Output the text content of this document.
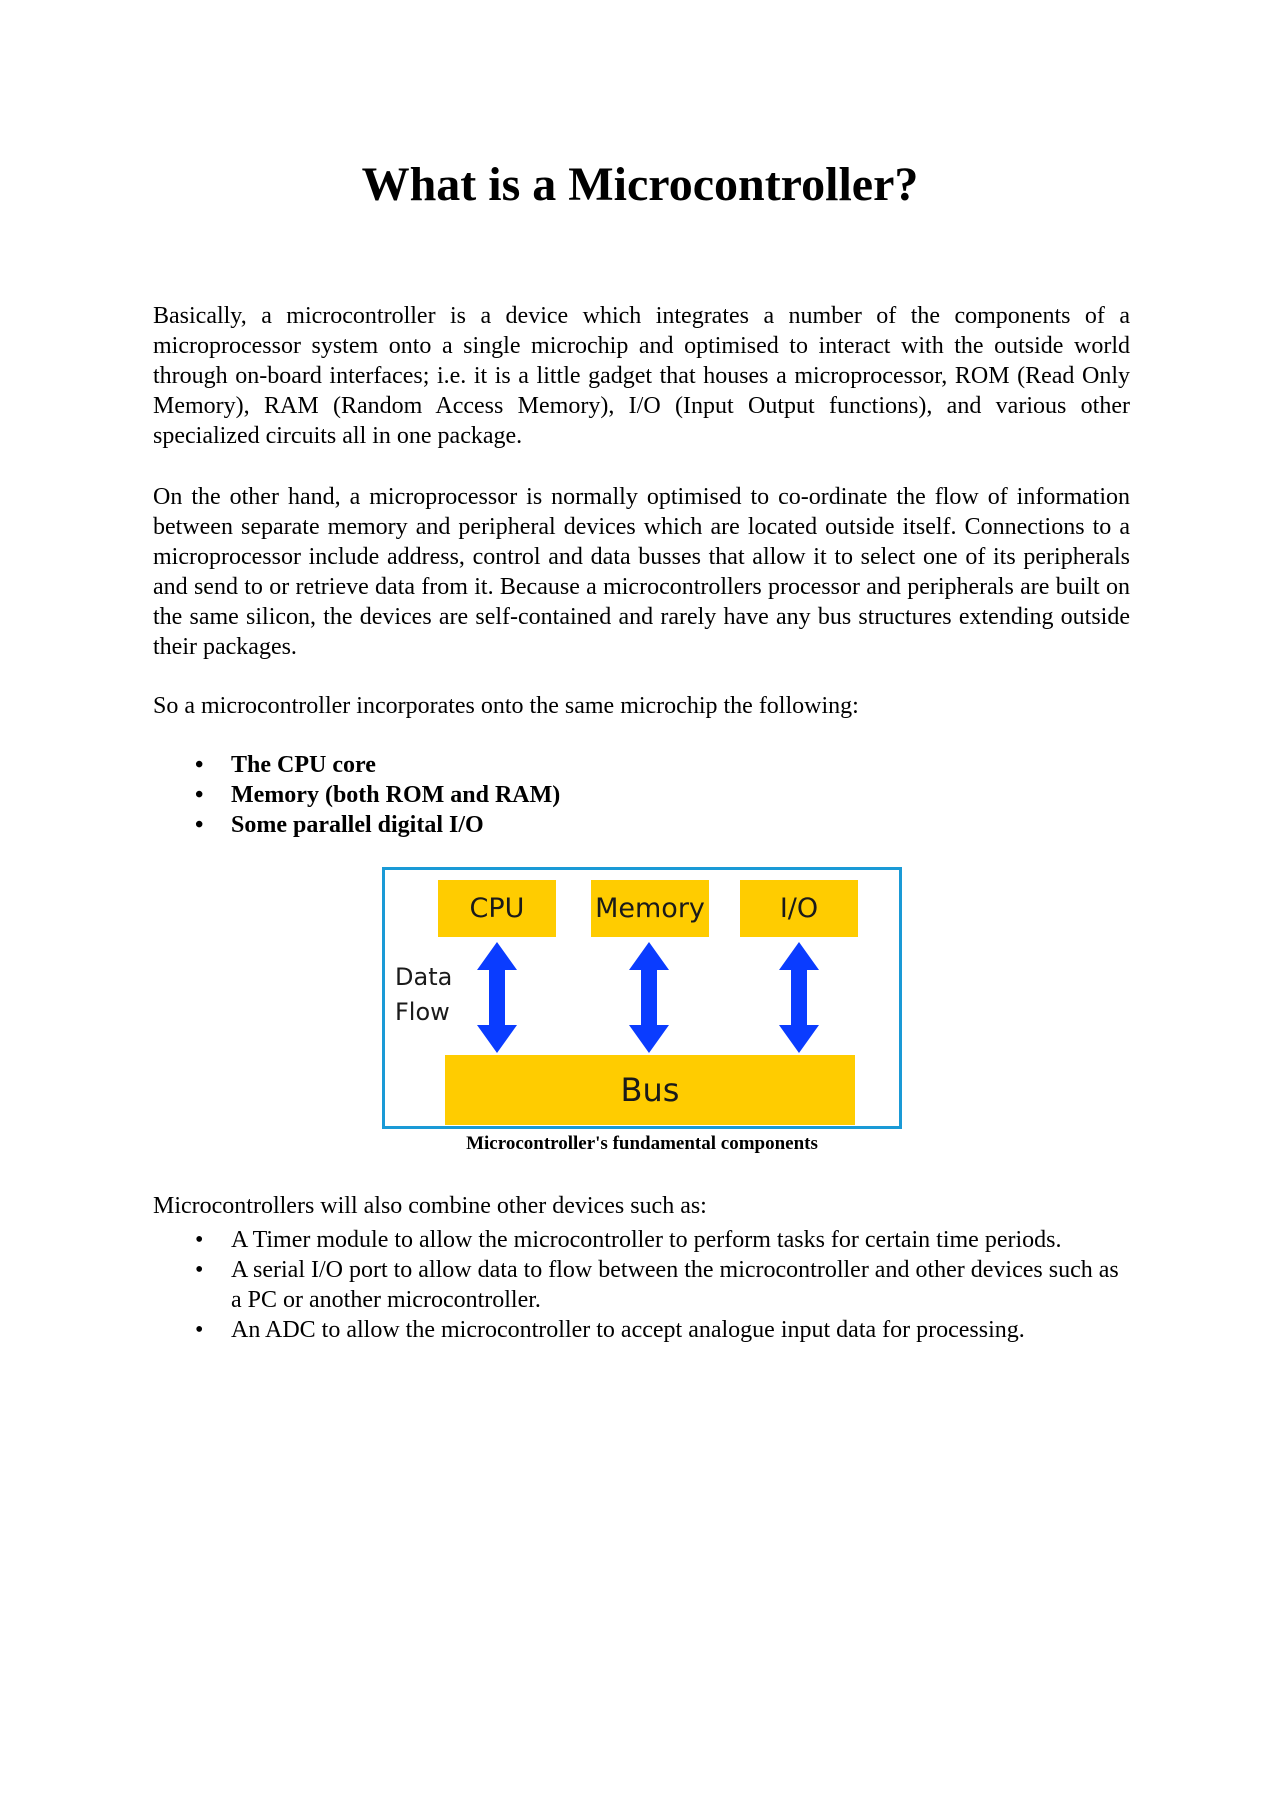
What is a Microcontroller?

Basically, a microcontroller is a device which integrates a number of the components of a microprocessor system onto a single microchip and optimised to interact with the outside world through on-board interfaces; i.e. it is a little gadget that houses a microprocessor, ROM (Read Only Memory), RAM (Random Access Memory), I/O (Input Output functions), and various other specialized circuits all in one package.

On the other hand, a microprocessor is normally optimised to co-ordinate the flow of information between separate memory and peripheral devices which are located outside itself. Connections to a microprocessor include address, control and data busses that allow it to select one of its peripherals and send to or retrieve data from it. Because a microcontrollers processor and peripherals are built on the same silicon, the devices are self-contained and rarely have any bus structures extending outside their packages.

So a microcontroller incorporates onto the same microchip the following:

• The CPU core
• Memory (both ROM and RAM)
• Some parallel digital I/O
CPU	Memory	I/O
Data
Flow
Bus

Microcontroller's fundamental components

Microcontrollers will also combine other devices such as:

• A Timer module to allow the microcontroller to perform tasks for certain time periods.
• A serial I/O port to allow data to flow between the microcontroller and other devices such as a PC or another microcontroller.
• An ADC to allow the microcontroller to accept analogue input data for processing.
